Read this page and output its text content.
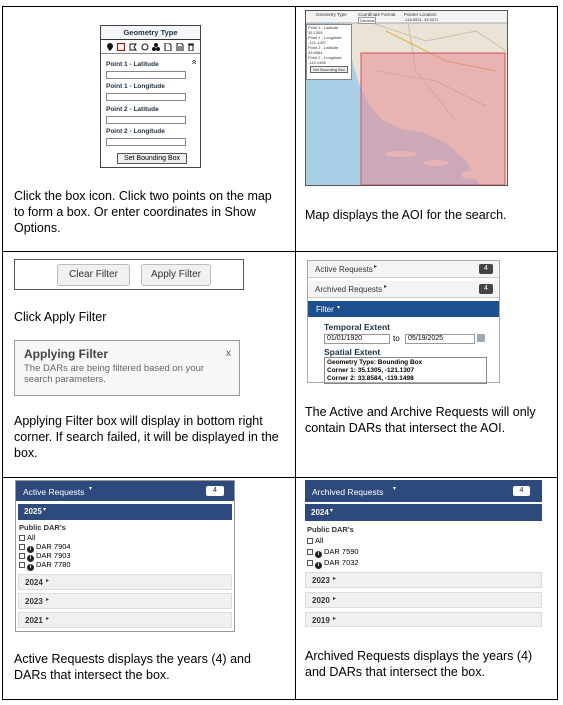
Geometry Type
»
Point 1 - Latitude
Point 1 - Longitude
Point 2 - Latitude
Point 2 - Longitude
Set Bounding Box
Click the box icon. Click two points on the map to form a box. Or enter coordinates in Show Options.
Geometry Type	Coordinate Format Pointer Location
Decimal	-118.5931, 33.9071
Point 1 - Latitude
35.1305
Point 1 - Longitude
-121.1307
Point 2 - Latitude
33.8584
Point 2 - Longitude
-119.1498
Set Bounding Box
Map displays the AOI for the search.
Clear Filter	Apply Filter
Click Apply Filter
Applying Filter	x
The DARs are being filtered based on your search parameters.
Applying Filter box will display in bottom right corner. If search failed, it will be displayed in the box.
Active Requests ▸	4
Archived Requests ▸	4
Filter ▾
Temporal Extent
01/01/1920	to	05/19/2025
Spatial Extent
Geometry Type: Bounding Box
Corner 1: 35.1305, -121.1307
Corner 2: 33.8584, -119.1498
The Active and Archive Requests will only contain DARs that intersect the AOI.
Active Requests ▾	4
2025 ▾
Public DAR's
All
i DAR 7904
i DAR 7903
i DAR 7780
2024 ▸
2023 ▸
2021 ▸
Active Requests displays the years (4) and DARs that intersect the box.
Archived Requests ▾	4
2024 ▾
Public DAR's
All
i DAR 7590
i DAR 7032
2023 ▸
2020 ▸
2019 ▸
Archived Requests displays the years (4) and DARs that intersect the box.
